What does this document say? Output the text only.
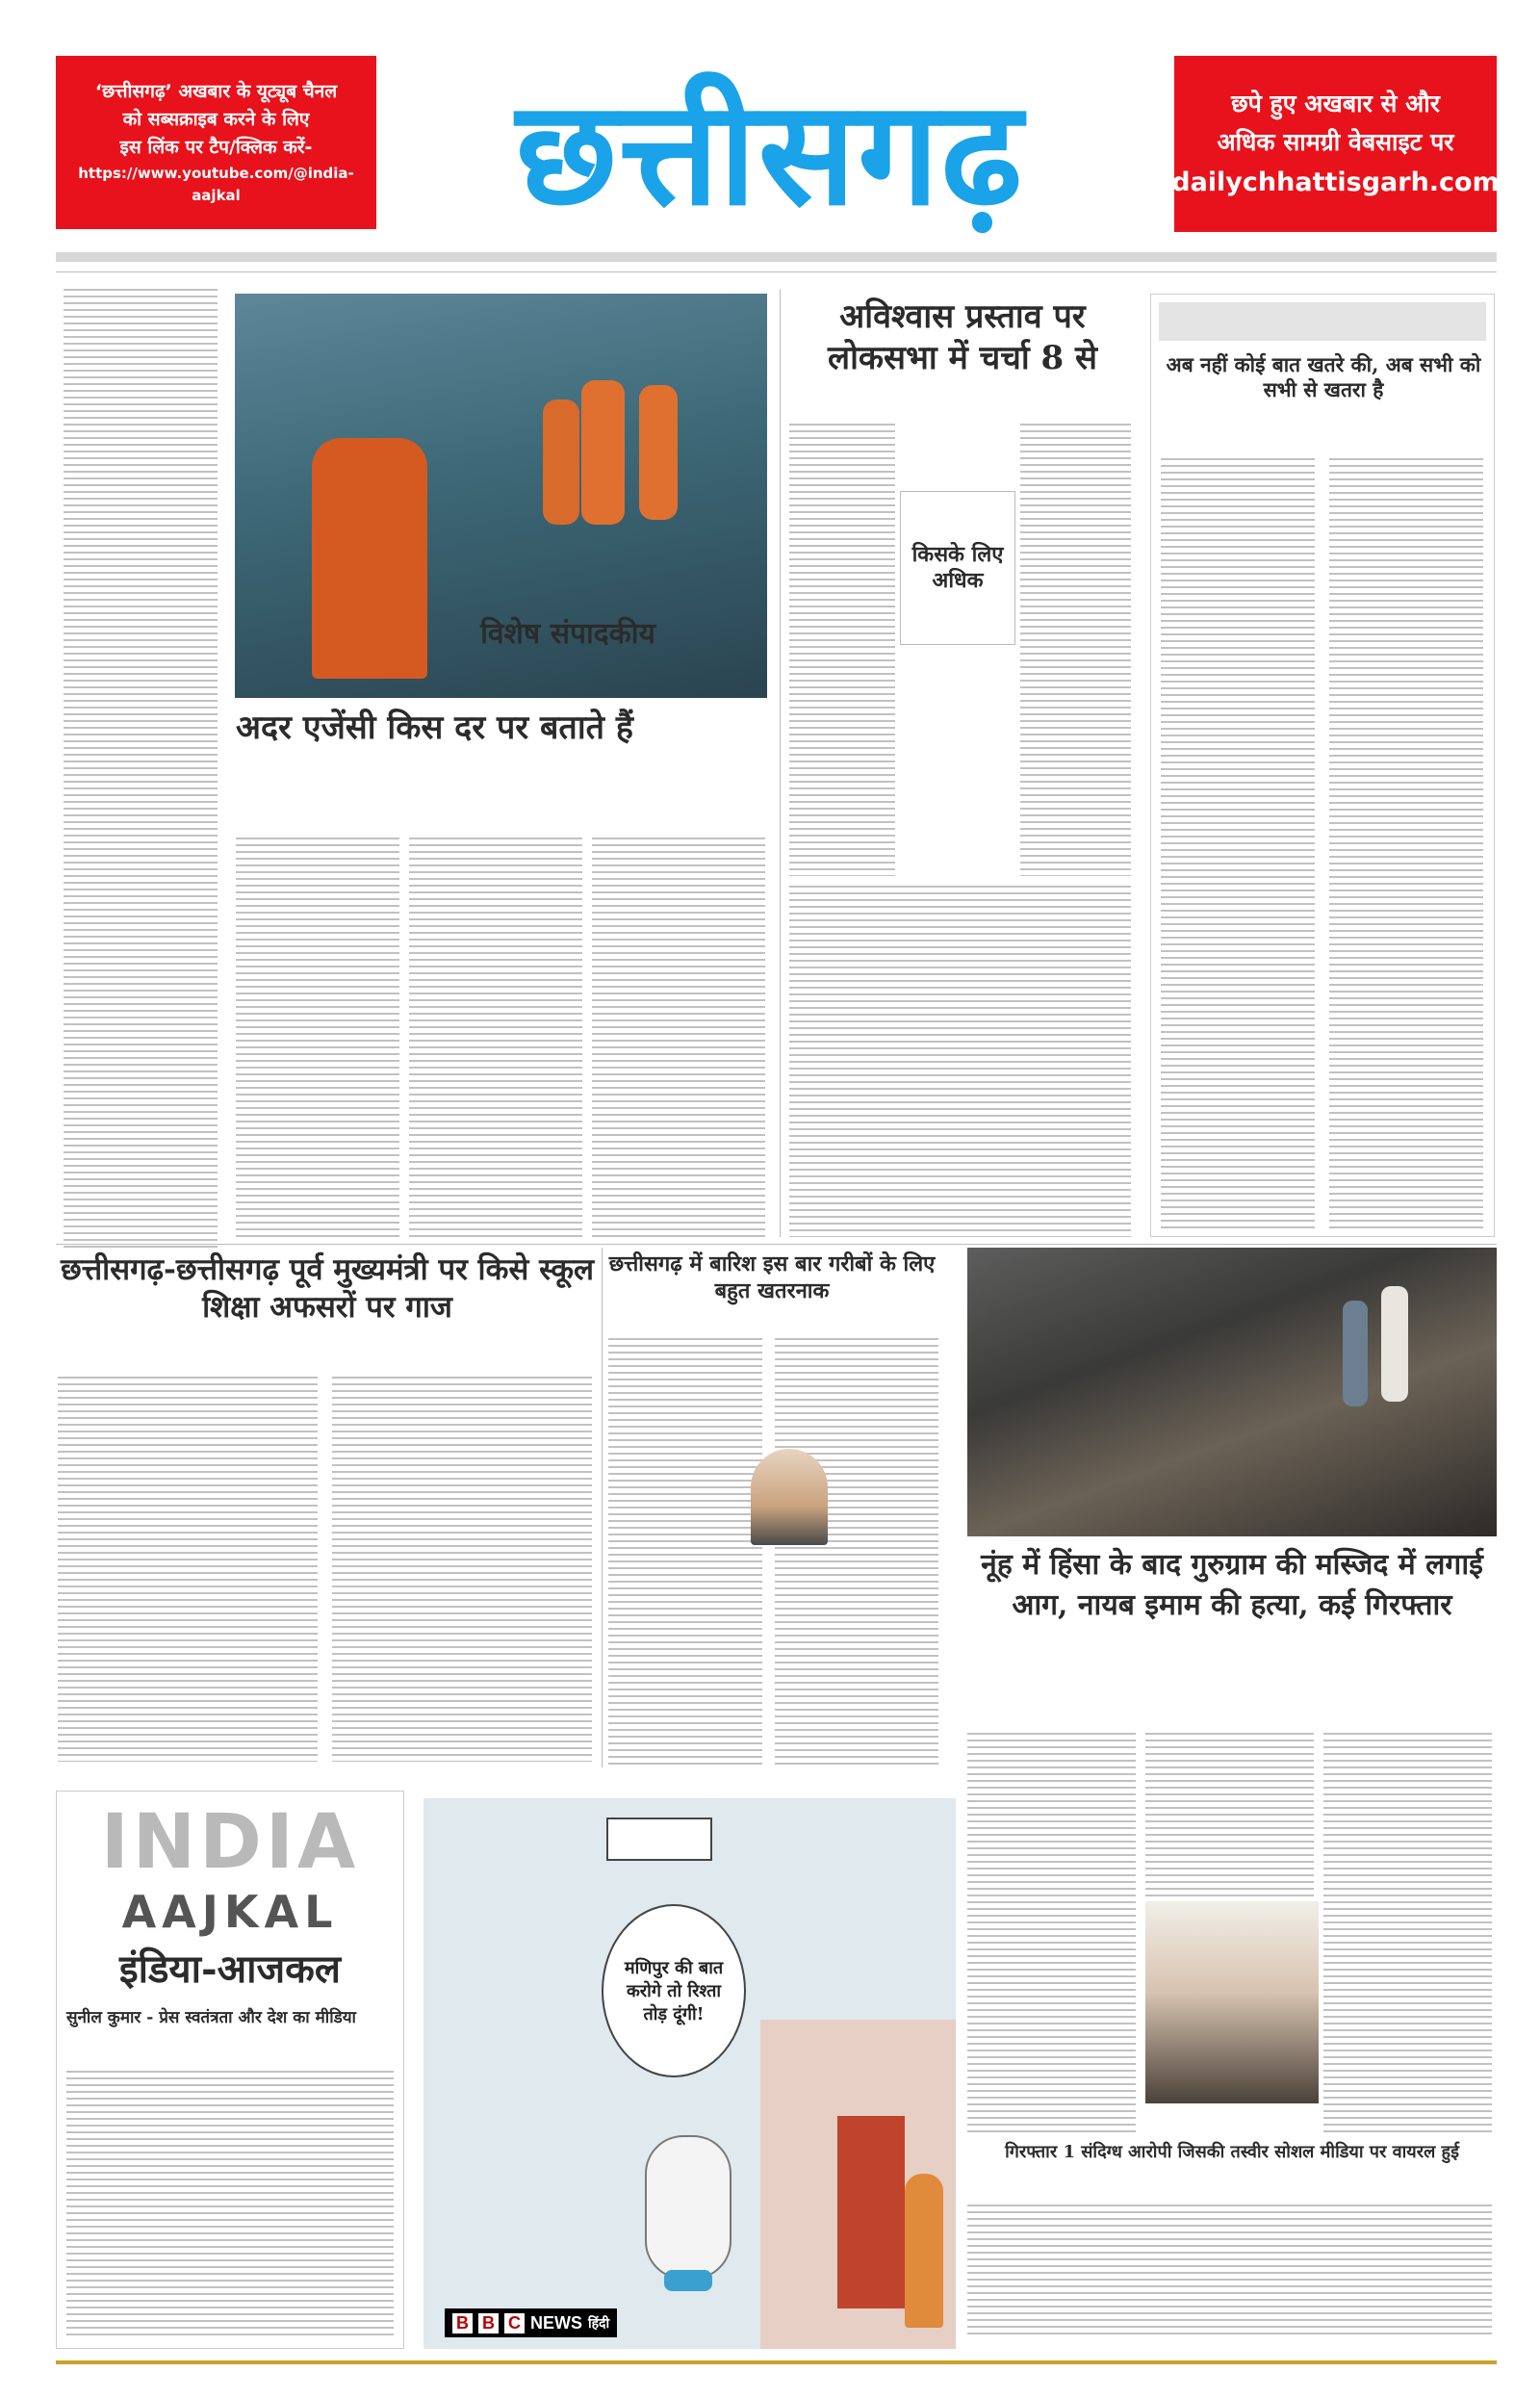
‘छत्तीसगढ़’ अखबार के यूट्यूब चैनल
को सब्सक्राइब करने के लिए
इस लिंक पर टैप/क्लिक करें-
https://www.youtube.com/@india-aajkal	छत्तीसगढ़	छपे हुए अखबार से और
अधिक सामग्री वेबसाइट पर
dailychhattisgarh.com
विशेष संपादकीय
अदर एजेंसी किस दर पर बताते हैं
अविश्वास प्रस्ताव पर लोकसभा में चर्चा 8 से
किसके लिए अधिक
अब नहीं कोई बात खतरे की, अब सभी को सभी से खतरा है
छत्तीसगढ़-छत्तीसगढ़ पूर्व मुख्यमंत्री पर किसे स्कूल शिक्षा अफसरों पर गाज
छत्तीसगढ़ में बारिश इस बार गरीबों के लिए बहुत खतरनाक
नूंह में हिंसा के बाद गुरुग्राम की मस्जिद में लगाई आग, नायब इमाम की हत्या, कई गिरफ्तार
गिरफ्तार 1 संदिग्ध आरोपी जिसकी तस्वीर सोशल मीडिया पर वायरल हुई
INDIA
AAJKAL
इंडिया-आजकल
सुनील कुमार - प्रेस स्वतंत्रता और देश का मीडिया
मणिपुर की बात करोगे तो रिश्ता तोड़ दूंगी!
B B C NEWS हिंदी
